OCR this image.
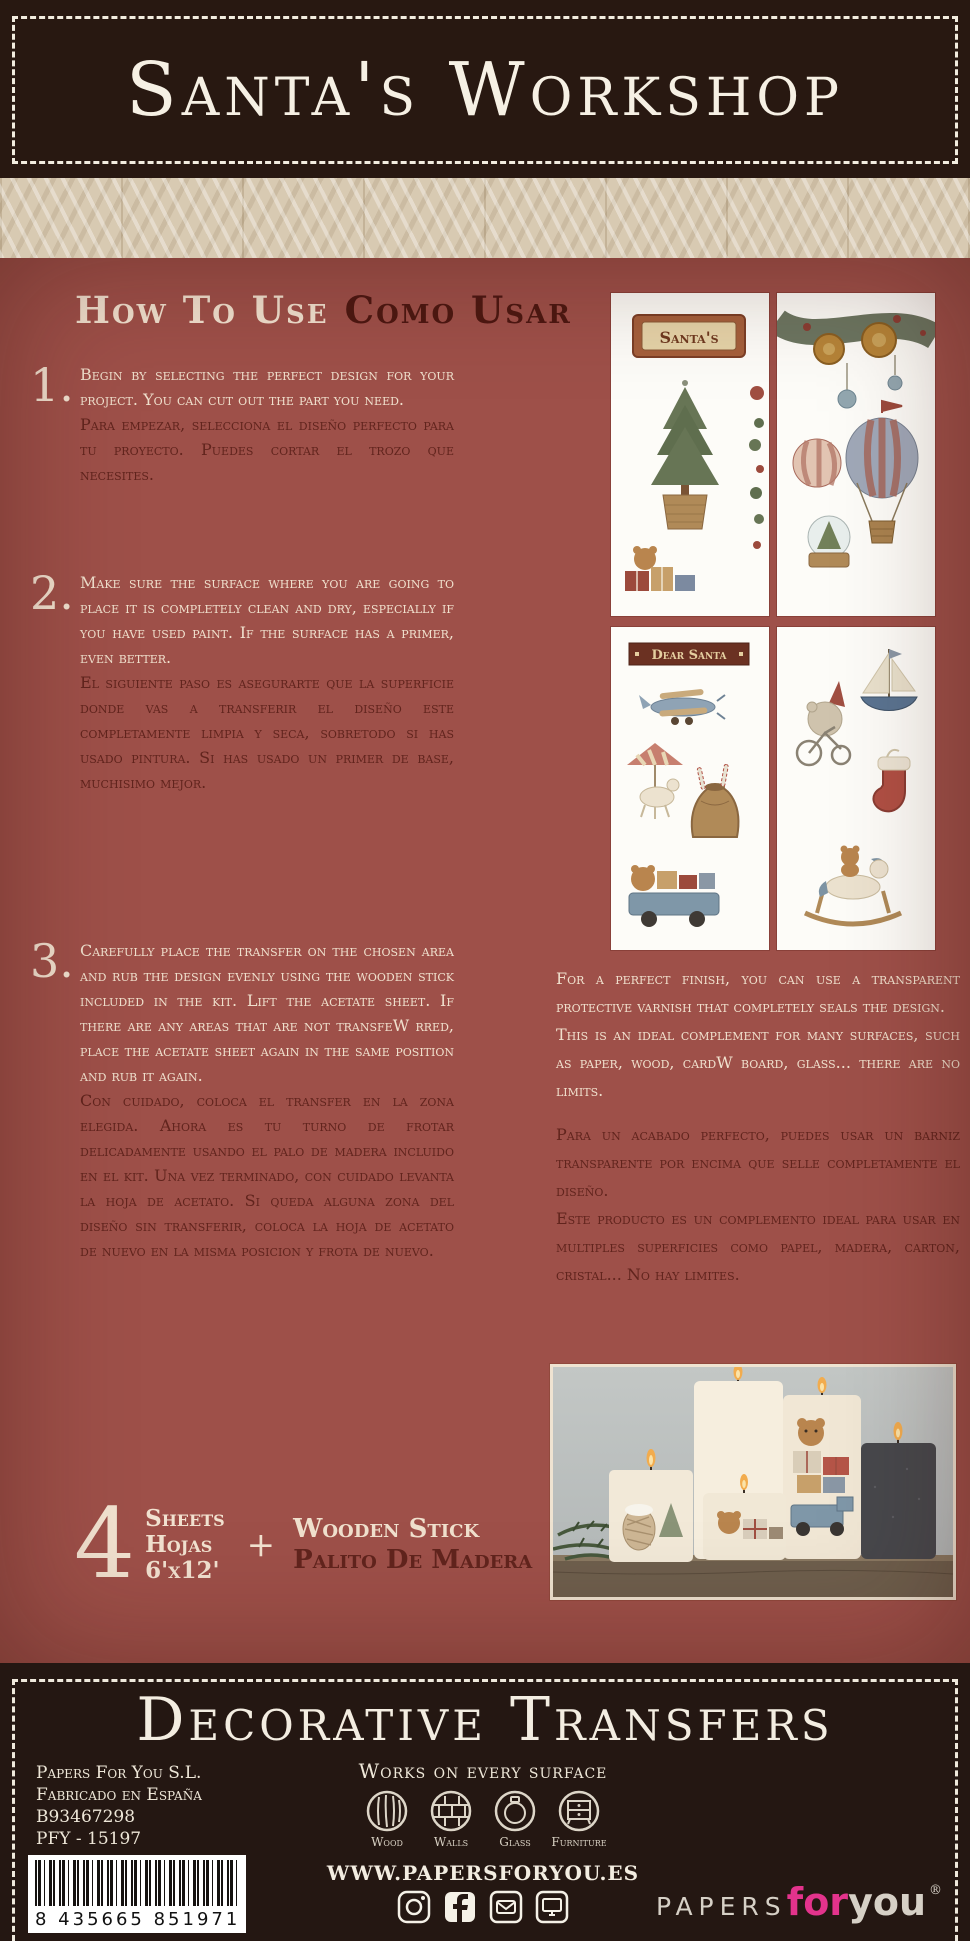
Santa's Workshop
How To Use Como Usar
1. Begin by selecting the perfect design for your project. You can cut out the part you need.

Para empezar, selecciona el diseño perfecto para tu proyecto. Puedes cortar el trozo que necesites.

2. Make sure the surface where you are going to place it is completely clean and dry, especially if you have used paint. If the surface has a primer, even better.

El siguiente paso es asegurarte que la superficie donde vas a transferir el diseño este completamente limpia y seca, sobretodo si has usado pintura. Si has usado un primer de base, muchisimo mejor.

3. Carefully place the transfer on the chosen area and rub the design evenly using the wooden stick included in the kit. Lift the acetate sheet. If there are any areas that are not transfeW rred, place the acetate sheet again in the same position and rub it again.

Con cuidado, coloca el transfer en la zona elegida. Ahora es tu turno de frotar delicadamente usando el palo de madera incluido en el kit. Una vez terminado, con cuidado levanta la hoja de acetato. Si queda alguna zona del diseño sin transferir, coloca la hoja de acetato de nuevo en la misma posicion y frota de nuevo.

Santa's
Dear Santa

For a perfect finish, you can use a transparent protective varnish that completely seals the design.

This is an ideal complement for many surfaces, such as paper, wood, cardW board, glass... there are no limits.

Para un acabado perfecto, puedes usar un barniz transparente por encima que selle completamente el diseño.

Este producto es un complemento ideal para usar en multiples superficies como papel, madera, carton, cristal... No hay limites.

4 Sheets
Hojas
6'x12'
+ Wooden Stick
Palito De Madera
Decorative Transfers
Papers For You S.L.
Fabricado en España
B93467298
PFY - 15197
8 435665 851971
Works on every surface
Wood	Walls	Glass Furniture
WWW.PAPERSFORYOU.ES
PAPERS for you ®
